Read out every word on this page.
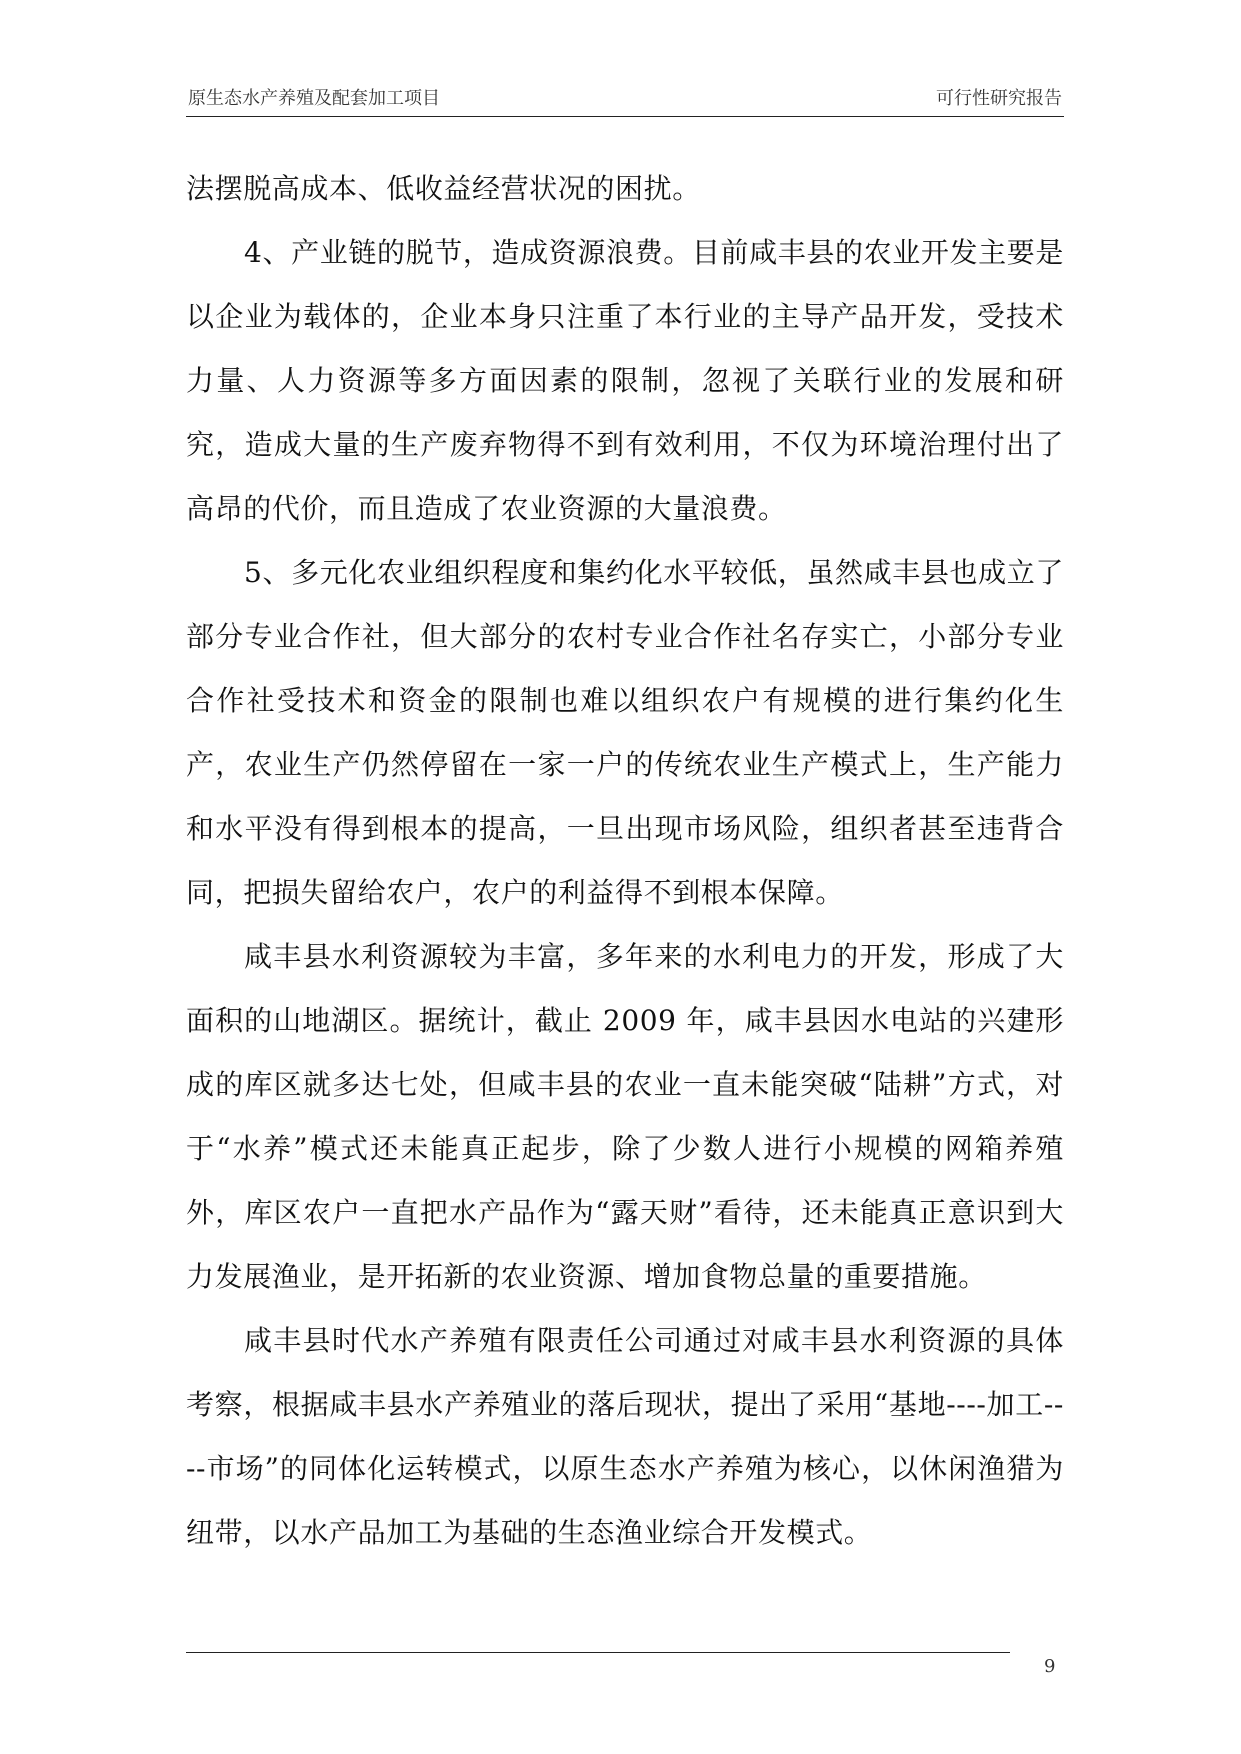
原生态水产养殖及配套加工项目	可行性研究报告

法摆脱高成本、低收益经营状况的困扰。

4、产业链的脱节，造成资源浪费。目前咸丰县的农业开发主要是以企业为载体的，企业本身只注重了本行业的主导产品开发，受技术力量、人力资源等多方面因素的限制，忽视了关联行业的发展和研究，造成大量的生产废弃物得不到有效利用，不仅为环境治理付出了高昂的代价，而且造成了农业资源的大量浪费。

5、多元化农业组织程度和集约化水平较低，虽然咸丰县也成立了部分专业合作社，但大部分的农村专业合作社名存实亡，小部分专业合作社受技术和资金的限制也难以组织农户有规模的进行集约化生产，农业生产仍然停留在一家一户的传统农业生产模式上，生产能力和水平没有得到根本的提高，一旦出现市场风险，组织者甚至违背合同，把损失留给农户，农户的利益得不到根本保障。

咸丰县水利资源较为丰富，多年来的水利电力的开发，形成了大面积的山地湖区。据统计，截止 2009 年，咸丰县因水电站的兴建形成的库区就多达七处，但咸丰县的农业一直未能突破“陆耕”方式，对于“水养”模式还未能真正起步，除了少数人进行小规模的网箱养殖外，库区农户一直把水产品作为“露天财”看待，还未能真正意识到大力发展渔业，是开拓新的农业资源、增加食物总量的重要措施。

咸丰县时代水产养殖有限责任公司通过对咸丰县水利资源的具体考察，根据咸丰县水产养殖业的落后现状，提出了采用“基地----加工----市场”的同体化运转模式，以原生态水产养殖为核心，以休闲渔猎为纽带，以水产品加工为基础的生态渔业综合开发模式。

9
